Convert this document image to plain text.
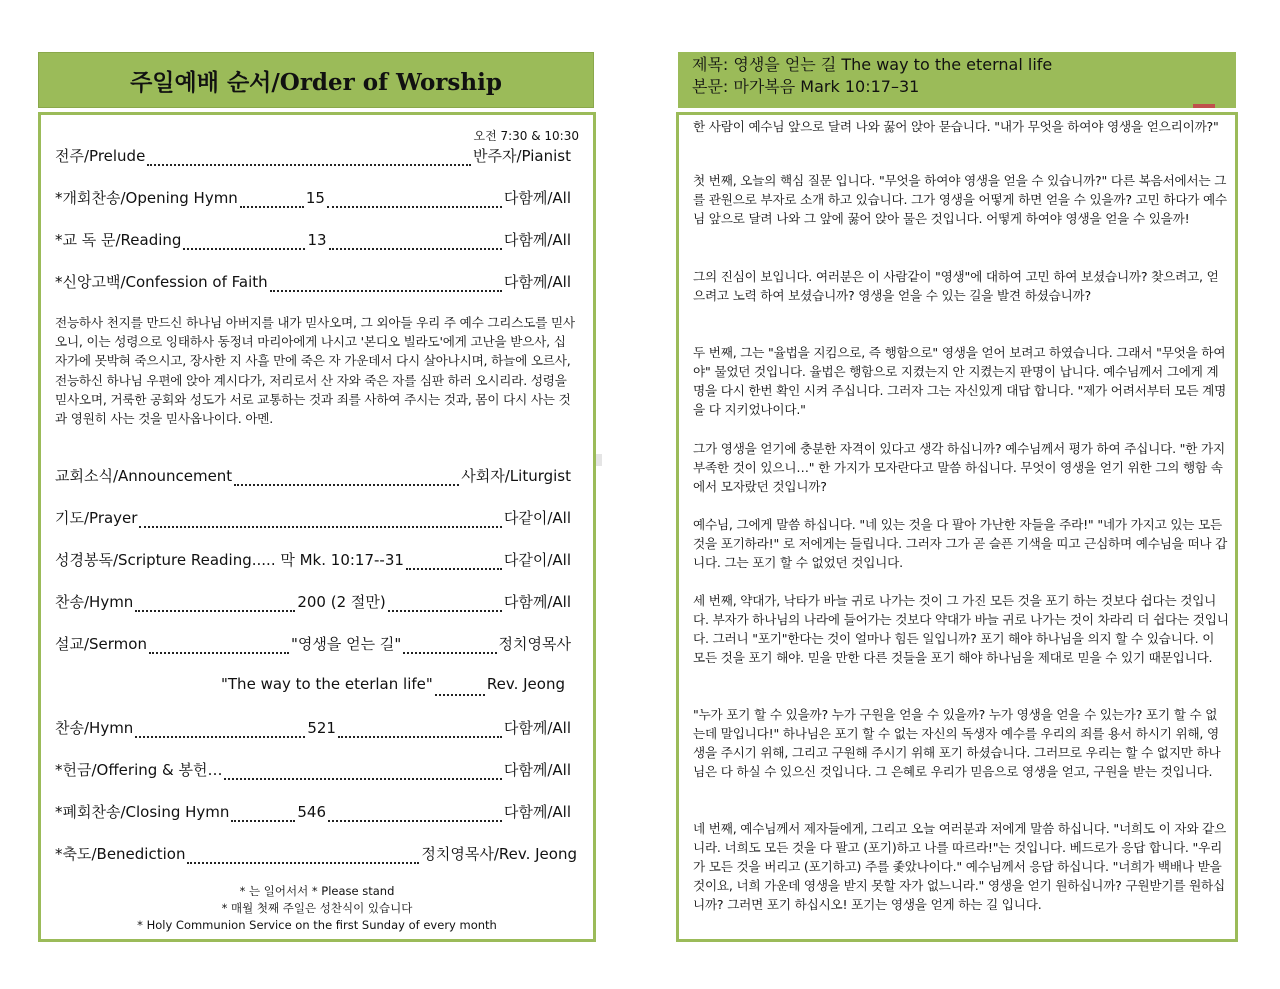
주일예배 순서/Order of Worship
오전 7:30 & 10:30
전주/Prelude	반주자/Pianist
*개회찬송/Opening Hymn	15	다함께/All
*교 독 문/Reading	13	다함께/All
*신앙고백/Confession of Faith	다함께/All
전능하사 천지를 만드신 하나님 아버지를 내가 믿사오며, 그 외아들 우리 주 예수 그리스도를 믿사오니, 이는 성령으로 잉태하사 동정녀 마리아에게 나시고 '본디오 빌라도'에게 고난을 받으사, 십자가에 못박혀 죽으시고, 장사한 지 사흘 만에 죽은 자 가운데서 다시 살아나시며, 하늘에 오르사, 전능하신 하나님 우편에 앉아 계시다가, 저리로서 산 자와 죽은 자를 심판 하러 오시리라. 성령을 믿사오며, 거룩한 공회와 성도가 서로 교통하는 것과 죄를 사하여 주시는 것과, 몸이 다시 사는 것과 영원히 사는 것을 믿사옵나이다. 아멘.
교회소식/Announcement	사회자/Liturgist
기도/Prayer	다같이/All
성경봉독/Scripture Reading..... 막 Mk. 10:17--31	다같이/All
찬송/Hymn	200 (2 절만)	다함께/All
설교/Sermon	"영생을 얻는 길"	정치영목사
"The way to the eterlan life"	Rev. Jeong
찬송/Hymn	521	다함께/All
*헌금/Offering & 봉헌…	다함께/All
*폐회찬송/Closing Hymn	546	다함께/All
*축도/Benediction	정치영목사/Rev. Jeong
* 는 일어서서 * Please stand
* 매월 첫째 주일은 성찬식이 있습니다
* Holy Communion Service on the first Sunday of every month
제목: 영생을 얻는 길 The way to the eternal life
본문: 마가복음 Mark 10:17–31

한 사람이 예수님 앞으로 달려 나와 꿇어 앉아 묻습니다. "내가 무엇을 하여야 영생을 얻으리이까?"

첫 번째, 오늘의 핵심 질문 입니다. "무엇을 하여야 영생을 얻을 수 있습니까?" 다른 복음서에서는 그를 관원으로 부자로 소개 하고 있습니다. 그가 영생을 어떻게 하면 얻을 수 있을까? 고민 하다가 예수님 앞으로 달려 나와 그 앞에 꿇어 앉아 물은 것입니다. 어떻게 하여야 영생을 얻을 수 있을까!

그의 진심이 보입니다. 여러분은 이 사람같이 "영생"에 대하여 고민 하여 보셨습니까? 찾으려고, 얻으려고 노력 하여 보셨습니까? 영생을 얻을 수 있는 길을 발견 하셨습니까?

두 번째, 그는 "율법을 지킴으로, 즉 행함으로" 영생을 얻어 보려고 하였습니다. 그래서 "무엇을 하여야" 물었던 것입니다. 율법은 행함으로 지켰는지 안 지켰는지 판명이 납니다. 예수님께서 그에게 계명을 다시 한번 확인 시켜 주십니다. 그러자 그는 자신있게 대답 합니다. "제가 어려서부터 모든 계명을 다 지키었나이다."

그가 영생을 얻기에 충분한 자격이 있다고 생각 하십니까? 예수님께서 평가 하여 주십니다. "한 가지 부족한 것이 있으니…" 한 가지가 모자란다고 말씀 하십니다. 무엇이 영생을 얻기 위한 그의 행함 속에서 모자랐던 것입니까?

예수님, 그에게 말씀 하십니다. "네 있는 것을 다 팔아 가난한 자들을 주라!" "네가 가지고 있는 모든 것을 포기하라!" 로 저에게는 들립니다. 그러자 그가 곧 슬픈 기색을 띠고 근심하며 예수님을 떠나 갑니다. 그는 포기 할 수 없었던 것입니다.

세 번째, 약대가, 낙타가 바늘 귀로 나가는 것이 그 가진 모든 것을 포기 하는 것보다 쉽다는 것입니다. 부자가 하나님의 나라에 들어가는 것보다 약대가 바늘 귀로 나가는 것이 차라리 더 쉽다는 것입니다. 그러니 "포기"한다는 것이 얼마나 힘든 일입니까? 포기 해야 하나님을 의지 할 수 있습니다. 이 모든 것을 포기 해야. 믿을 만한 다른 것들을 포기 해야 하나님을 제대로 믿을 수 있기 때문입니다.

"누가 포기 할 수 있을까? 누가 구원을 얻을 수 있을까? 누가 영생을 얻을 수 있는가? 포기 할 수 없는데 말입니다!" 하나님은 포기 할 수 없는 자신의 독생자 예수를 우리의 죄를 용서 하시기 위해, 영생을 주시기 위해, 그리고 구원해 주시기 위해 포기 하셨습니다. 그러므로 우리는 할 수 없지만 하나님은 다 하실 수 있으신 것입니다. 그 은혜로 우리가 믿음으로 영생을 얻고, 구원을 받는 것입니다.

네 번째, 예수님께서 제자들에게, 그리고 오늘 여러분과 저에게 말씀 하십니다. "너희도 이 자와 같으니라. 너희도 모든 것을 다 팔고 (포기)하고 나를 따르라!"는 것입니다. 베드로가 응답 합니다. "우리가 모든 것을 버리고 (포기하고) 주를 좇았나이다." 예수님께서 응답 하십니다. "너희가 백배나 받을 것이요, 너희 가운데 영생을 받지 못할 자가 없느니라." 영생을 얻기 원하십니까? 구원받기를 원하십니까? 그러면 포기 하십시오! 포기는 영생을 얻게 하는 길 입니다.
